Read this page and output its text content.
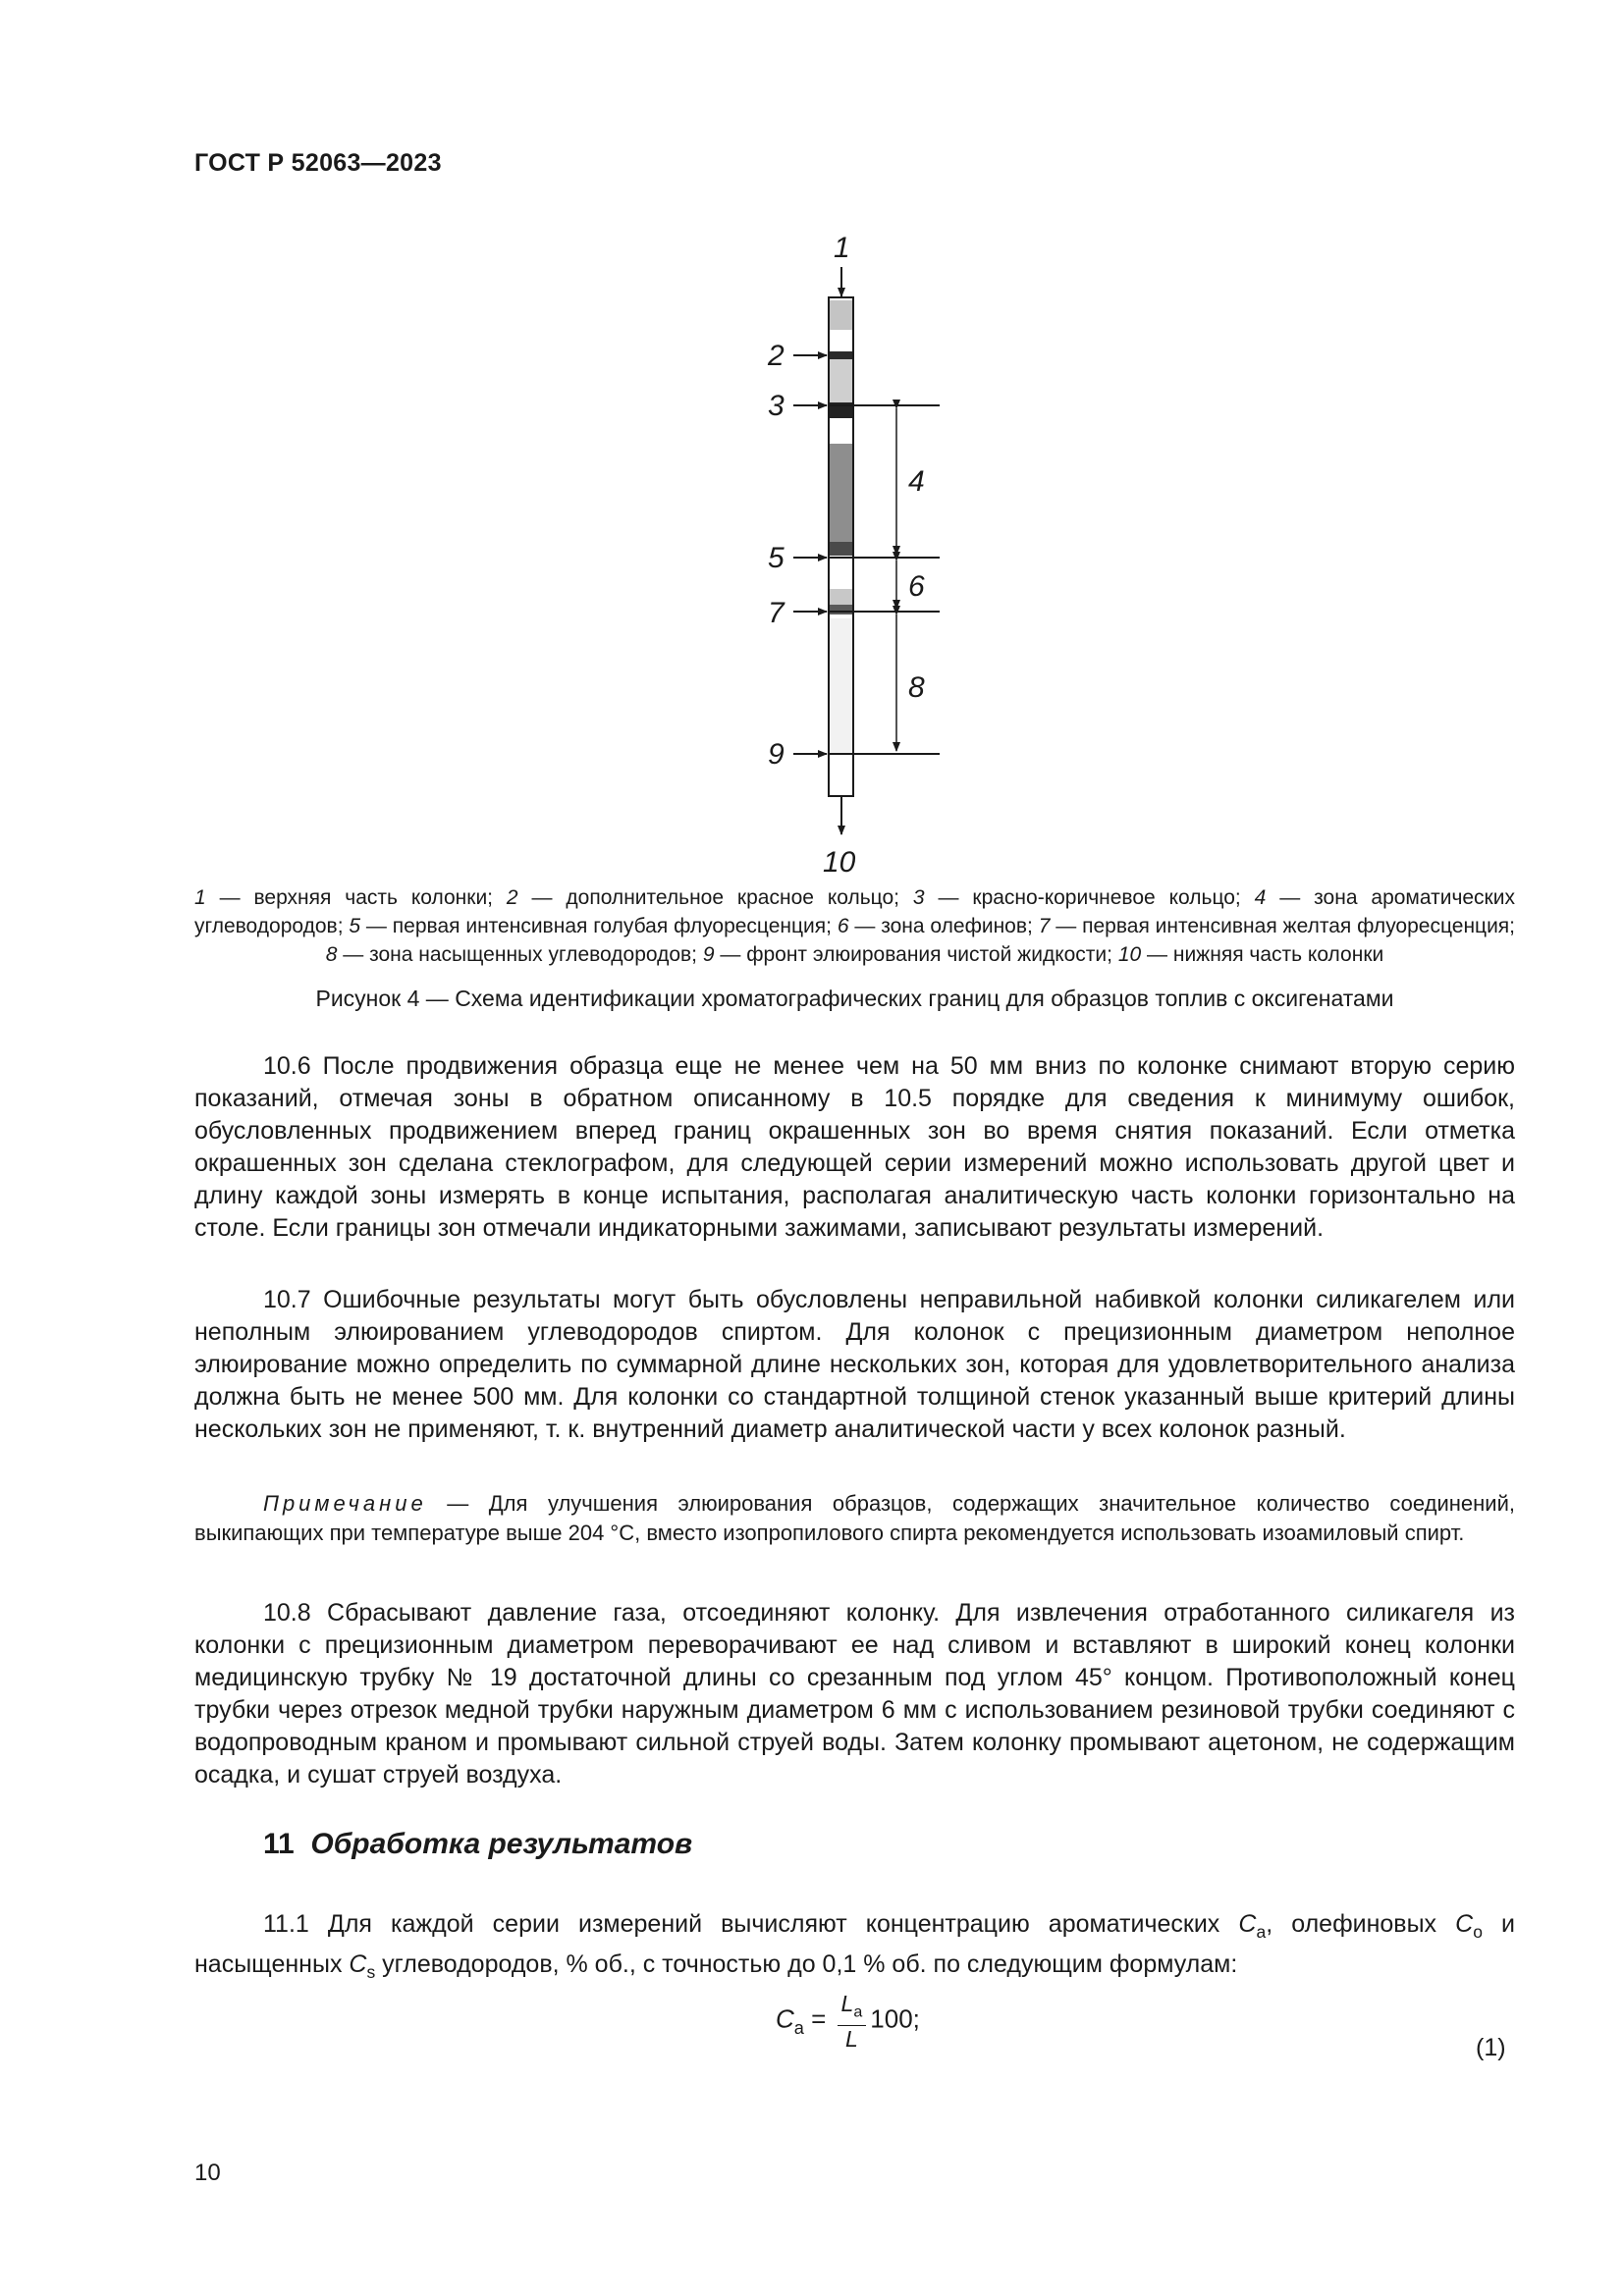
ГОСТ Р 52063—2023
1
2
3
4
5
6
7
8
9
10
1 — верхняя часть колонки; 2 — дополнительное красное кольцо; 3 — красно-коричневое кольцо; 4 — зона ароматических углеводородов; 5 — первая интенсивная голубая флуоресценция; 6 — зона олефинов; 7 — первая интенсивная желтая флуоресценция; 8 — зона насыщенных углеводородов; 9 — фронт элюирования чистой жидкости; 10 — нижняя часть колонки
Рисунок 4 — Схема идентификации хроматографических границ для образцов топлив с оксигенатами

10.6 После продвижения образца еще не менее чем на 50 мм вниз по колонке снимают вторую серию показаний, отмечая зоны в обратном описанному в 10.5 порядке для сведения к минимуму ошибок, обусловленных продвижением вперед границ окрашенных зон во время снятия показаний. Если отметка окрашенных зон сделана стеклографом, для следующей серии измерений можно использовать другой цвет и длину каждой зоны измерять в конце испытания, располагая аналитическую часть колонки горизонтально на столе. Если границы зон отмечали индикаторными зажимами, записывают результаты измерений.

10.7 Ошибочные результаты могут быть обусловлены неправильной набивкой колонки силикагелем или неполным элюированием углеводородов спиртом. Для колонок с прецизионным диаметром неполное элюирование можно определить по суммарной длине нескольких зон, которая для удовлетворительного анализа должна быть не менее 500 мм. Для колонки со стандартной толщиной стенок указанный выше критерий длины нескольких зон не применяют, т. к. внутренний диаметр аналитической части у всех колонок разный.

Примечание — Для улучшения элюирования образцов, содержащих значительное количество соединений, выкипающих при температуре выше 204 °C, вместо изопропилового спирта рекомендуется использовать изоамиловый спирт.

10.8 Сбрасывают давление газа, отсоединяют колонку. Для извлечения отработанного силикагеля из колонки с прецизионным диаметром переворачивают ее над сливом и вставляют в широкий конец колонки медицинскую трубку № 19 достаточной длины со срезанным под углом 45° концом. Противоположный конец трубки через отрезок медной трубки наружным диаметром 6 мм с использованием резиновой трубки соединяют с водопроводным краном и промывают сильной струей воды. Затем колонку промывают ацетоном, не содержащим осадка, и сушат струей воздуха.

11 Обработка результатов

11.1 Для каждой серии измерений вычисляют концентрацию ароматических $C_a$, олефиновых $C_o$ и насыщенных $C_s$ углеводородов, % об., с точностью до 0,1 % об. по следующим формулам:

$C_a = \frac{L_a}{L} 100$;
(1)
10
